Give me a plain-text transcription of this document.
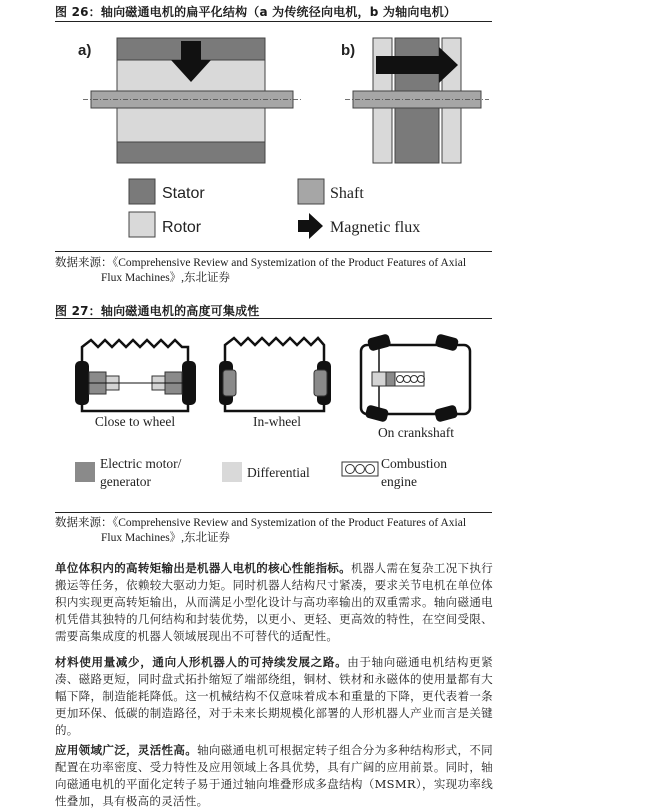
图 26：轴向磁通电机的扁平化结构（a 为传统径向电机，b 为轴向电机）
a)	b)
Stator
Rotor
Shaft
Magnetic flux
数据来源：《Comprehensive Review and Systemization of the Product Features of Axial
Flux Machines》,东北证券
图 27：轴向磁通电机的高度可集成性
Close to wheel	In-wheel
On crankshaft
Electric motor/
generator
Differential
Combustion
engine
数据来源：《Comprehensive Review and Systemization of the Product Features of Axial
Flux Machines》,东北证券
单位体积内的高转矩输出是机器人电机的核心性能指标。机器人需在复杂工况下执行搬运等任务，依赖较大驱动力矩。同时机器人结构尺寸紧凑，要求关节电机在单位体积内实现更高转矩输出，从而满足小型化设计与高功率输出的双重需求。轴向磁通电机凭借其独特的几何结构和封装优势，以更小、更轻、更高效的特性，在空间受限、需要高集成度的机器人领域展现出不可替代的适配性。
材料使用量减少，通向人形机器人的可持续发展之路。由于轴向磁通电机结构更紧凑、磁路更短，同时盘式拓扑缩短了端部绕组，铜材、铁材和永磁体的使用量都有大幅下降，制造能耗降低。这一机械结构不仅意味着成本和重量的下降，更代表着一条更加环保、低碳的制造路径，对于未来长期规模化部署的人形机器人产业而言是关键的。
应用领域广泛，灵活性高。轴向磁通电机可根据定转子组合分为多种结构形式，不同配置在功率密度、受力特性及应用领域上各具优势，具有广阔的应用前景。同时，轴向磁通电机的平面化定转子易于通过轴向堆叠形成多盘结构（MSMR），实现功率线性叠加，具有极高的灵活性。
